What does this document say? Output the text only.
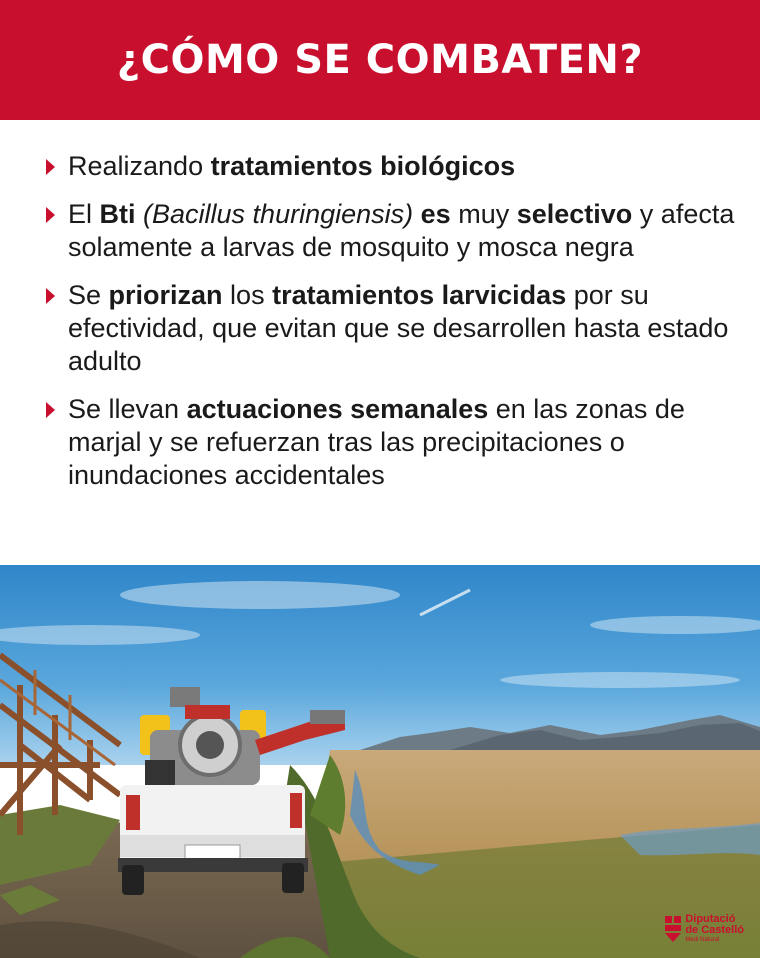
¿CÓMO SE COMBATEN?
Realizando tratamientos biológicos
El Bti (Bacillus thuringiensis) es muy selectivo y afecta solamente a larvas de mosquito y mosca negra
Se priorizan los tratamientos larvicidas por su efectividad, que evitan que se desarrollen hasta estado adulto
Se llevan actuaciones semanales en las zonas de marjal y se refuerzan tras las precipitaciones o inundaciones accidentales
Diputació
de Castelló
Medi Natural
